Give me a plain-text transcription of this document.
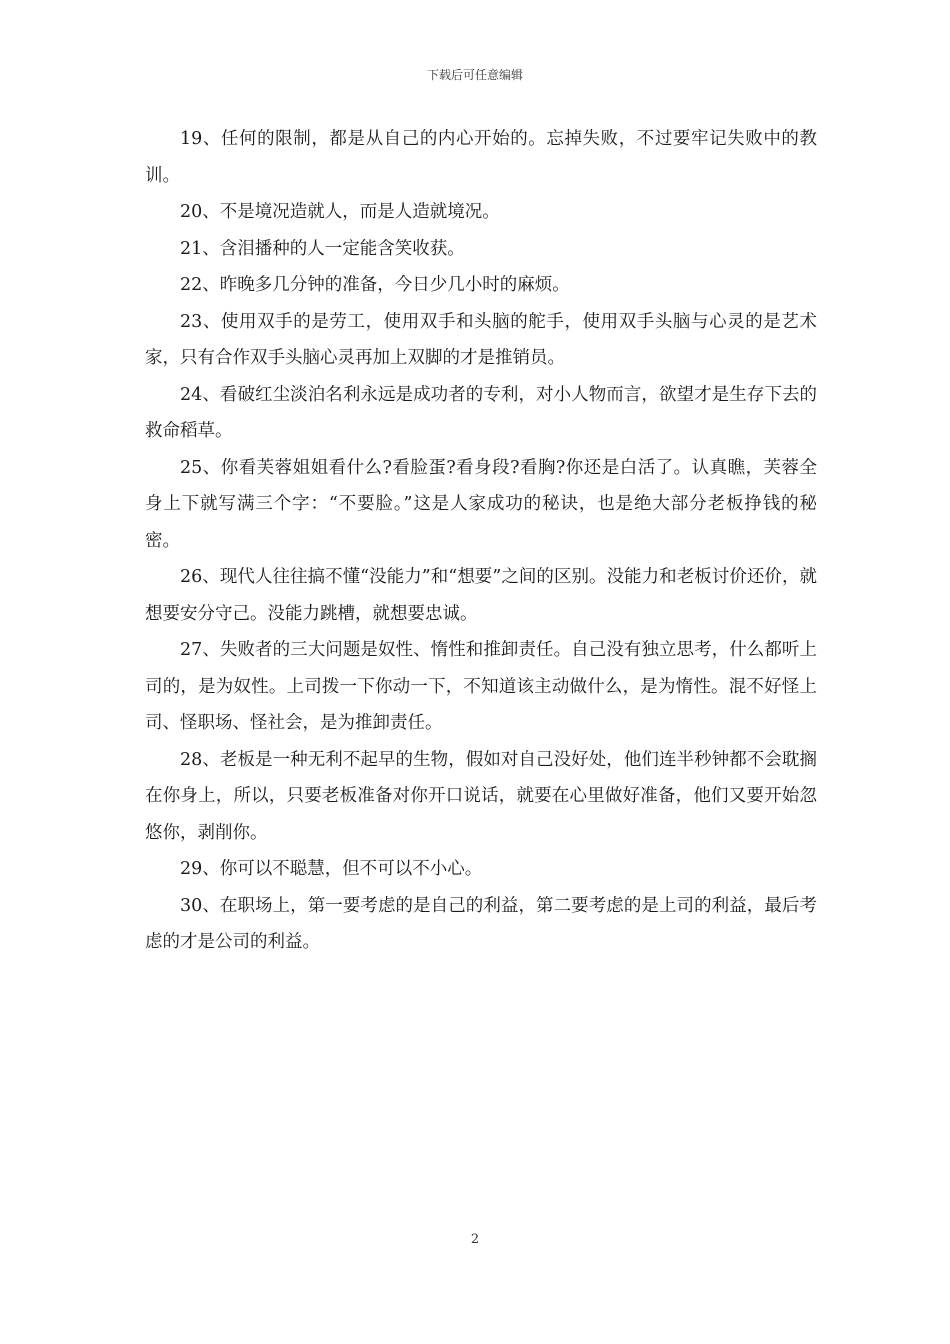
下载后可任意编辑

19、任何的限制，都是从自己的内心开始的。忘掉失败，不过要牢记失败中的教训。

20、不是境况造就人，而是人造就境况。

21、含泪播种的人一定能含笑收获。

22、昨晚多几分钟的准备，今日少几小时的麻烦。

23、使用双手的是劳工，使用双手和头脑的舵手，使用双手头脑与心灵的是艺术家，只有合作双手头脑心灵再加上双脚的才是推销员。

24、看破红尘淡泊名利永远是成功者的专利，对小人物而言，欲望才是生存下去的救命稻草。

25、你看芙蓉姐姐看什么?看脸蛋?看身段?看胸?你还是白活了。认真瞧，芙蓉全身上下就写满三个字：“不要脸。”这是人家成功的秘诀，也是绝大部分老板挣钱的秘密。

26、现代人往往搞不懂“没能力”和“想要”之间的区别。没能力和老板讨价还价，就想要安分守己。没能力跳槽，就想要忠诚。

27、失败者的三大问题是奴性、惰性和推卸责任。自己没有独立思考，什么都听上司的，是为奴性。上司拨一下你动一下，不知道该主动做什么，是为惰性。混不好怪上司、怪职场、怪社会，是为推卸责任。

28、老板是一种无利不起早的生物，假如对自己没好处，他们连半秒钟都不会耽搁在你身上，所以，只要老板准备对你开口说话，就要在心里做好准备，他们又要开始忽悠你，剥削你。

29、你可以不聪慧，但不可以不小心。

30、在职场上，第一要考虑的是自己的利益，第二要考虑的是上司的利益，最后考虑的才是公司的利益。

2
